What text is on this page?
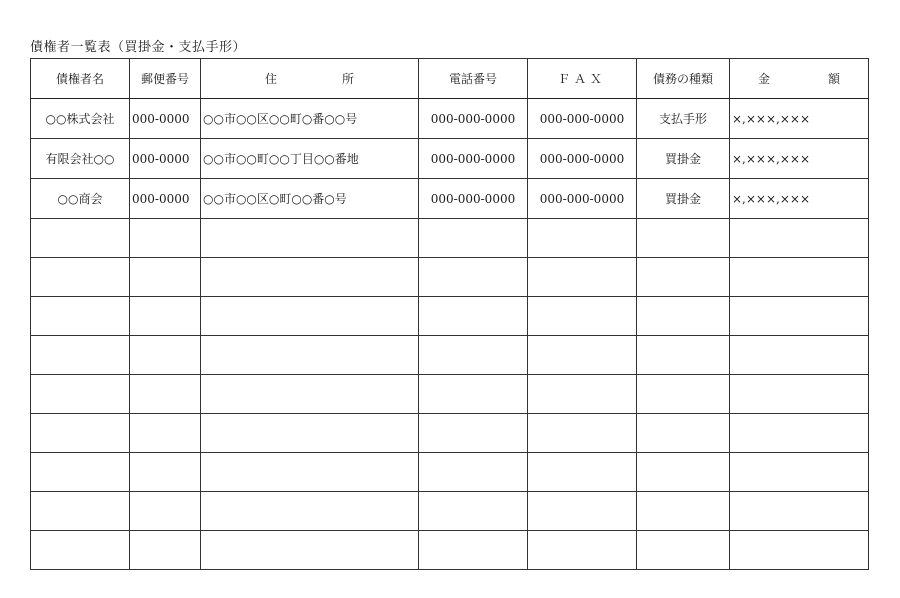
債権者一覧表（買掛金・支払手形）
債権者名	郵便番号	住 所	電話番号	ＦＡＸ	債務の種類	金 額

○○株式会社	000-0000	○○市○○区○○町○番○○号	000-000-0000	000-000-0000	支払手形	×,×××,×××
有限会社○○	000-0000	○○市○○町○○丁目○○番地	000-000-0000	000-000-0000	買掛金	×,×××,×××
○○商会	000-0000	○○市○○区○町○○番○号	000-000-0000	000-000-0000	買掛金	×,×××,×××
